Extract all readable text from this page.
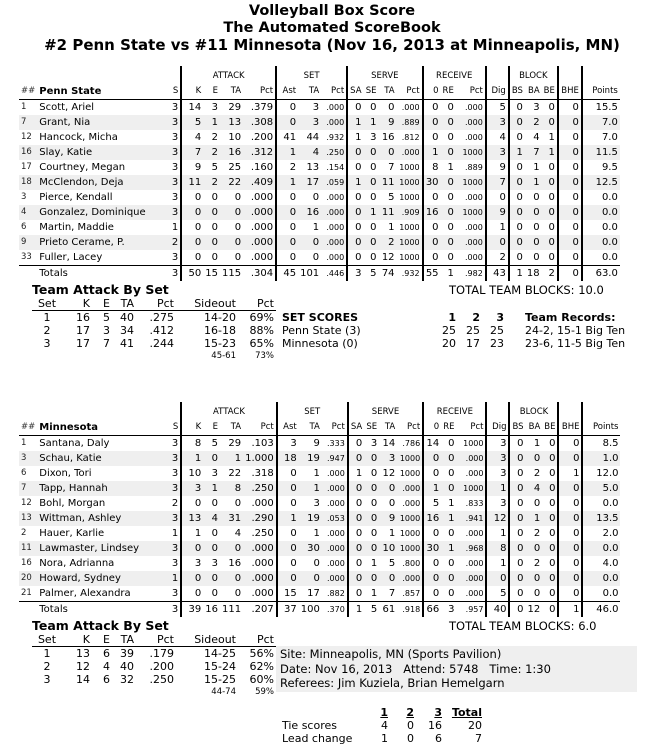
Volleyball Box Score
The Automated ScoreBook
#2 Penn State vs #11 Minnesota (Nov 16, 2013 at Minneapolis, MN)
			ATTACK				SET			SERVE				RECEIVE				BLOCK				
##	Penn State	S	K	E	TA	Pct	Ast	TA	Pct	SA	SE	TA	Pct	0	RE	Pct	Dig	BS	BA	BE	BHE	Points
1	Scott, Ariel	3	14	3	29	.379	0	3	.000	0	0	0	.000	0	0	.000	5	0	3	0	0	15.5
7	Grant, Nia	3	5	1	13	.308	0	3	.000	1	1	9	.889	0	0	.000	3	0	2	0	0	7.0
12	Hancock, Micha	3	4	2	10	.200	41	44	.932	1	3	16	.812	0	0	.000	4	0	4	1	0	7.0
16	Slay, Katie	3	7	2	16	.312	1	4	.250	0	0	0	.000	1	0	1000	3	1	7	1	0	11.5
17	Courtney, Megan	3	9	5	25	.160	2	13	.154	0	0	7	1000	8	1	.889	9	0	1	0	0	9.5
18	McClendon, Deja	3	11	2	22	.409	1	17	.059	1	0	11	1000	30	0	1000	7	0	1	0	0	12.5
3	Pierce, Kendall	3	0	0	0	.000	0	0	.000	0	0	5	1000	0	0	.000	0	0	0	0	0	0.0
4	Gonzalez, Dominique	3	0	0	0	.000	0	16	.000	0	1	11	.909	16	0	1000	9	0	0	0	0	0.0
6	Martin, Maddie	1	0	0	0	.000	0	1	.000	0	0	1	1000	0	0	.000	1	0	0	0	0	0.0
9	Prieto Cerame, P.	2	0	0	0	.000	0	0	.000	0	0	2	1000	0	0	.000	0	0	0	0	0	0.0
33	Fuller, Lacey	3	0	0	0	.000	0	0	.000	0	0	12	1000	0	0	.000	2	0	0	0	0	0.0
	Totals	3	50	15	115	.304	45	101	.446	3	5	74	.932	55	1	.982	43	1	18	2	0	63.0
			ATTACK				SET			SERVE				RECEIVE				BLOCK				
##	Minnesota	S	K	E	TA	Pct	Ast	TA	Pct	SA	SE	TA	Pct	0	RE	Pct	Dig	BS	BA	BE	BHE	Points
1	Santana, Daly	3	8	5	29	.103	3	9	.333	0	3	14	.786	14	0	1000	3	0	1	0	0	8.5
3	Schau, Katie	3	1	0	1	1.000	18	19	.947	0	0	3	1000	0	0	.000	3	0	0	0	0	1.0
6	Dixon, Tori	3	10	3	22	.318	0	1	.000	1	0	12	1000	0	0	.000	3	0	2	0	1	12.0
7	Tapp, Hannah	3	3	1	8	.250	0	1	.000	0	0	0	.000	1	0	1000	1	0	4	0	0	5.0
12	Bohl, Morgan	2	0	0	0	.000	0	3	.000	0	0	0	.000	5	1	.833	3	0	0	0	0	0.0
13	Wittman, Ashley	3	13	4	31	.290	1	19	.053	0	0	9	1000	16	1	.941	12	0	1	0	0	13.5
2	Hauer, Karlie	1	1	0	4	.250	0	1	.000	0	0	1	1000	0	0	.000	1	0	2	0	0	2.0
11	Lawmaster, Lindsey	3	0	0	0	.000	0	30	.000	0	0	10	1000	30	1	.968	8	0	0	0	0	0.0
16	Nora, Adrianna	3	3	3	16	.000	0	0	.000	0	1	5	.800	0	0	.000	1	0	2	0	0	4.0
20	Howard, Sydney	1	0	0	0	.000	0	0	.000	0	0	0	.000	0	0	.000	0	0	0	0	0	0.0
21	Palmer, Alexandra	3	0	0	0	.000	15	17	.882	0	1	7	.857	0	0	.000	5	0	0	0	0	0.0
	Totals	3	39	16	111	.207	37	100	.370	1	5	61	.918	66	3	.957	40	0	12	0	1	46.0
Team Attack By Set
Set	K	E	TA	Pct	Sideout	Pct
1	16	5	40	.275	14-20	69%
2	17	3	34	.412	16-18	88%
3	17	7	41	.244	15-23	65%
					45-61	73%
Team Attack By Set
Set	K	E	TA	Pct	Sideout	Pct
1	13	6	39	.179	14-25	56%
2	12	4	40	.200	15-24	62%
3	14	6	32	.250	15-25	60%
					44-74	59%
TOTAL TEAM BLOCKS: 10.0
TOTAL TEAM BLOCKS: 6.0
SET SCORES	1	2	3	Team Records:
Penn State (3)	25	25	25	24-2, 15-1 Big Ten
Minnesota (0)	20	17	23	23-6, 11-5 Big Ten
Site: Minneapolis, MN (Sports Pavilion)
Date: Nov 16, 2013 Attend: 5748 Time: 1:30
Referees: Jim Kuziela, Brian Hemelgarn
	1	2	3	Total
Tie scores	4	0	16	20
Lead change	1	0	6	7
